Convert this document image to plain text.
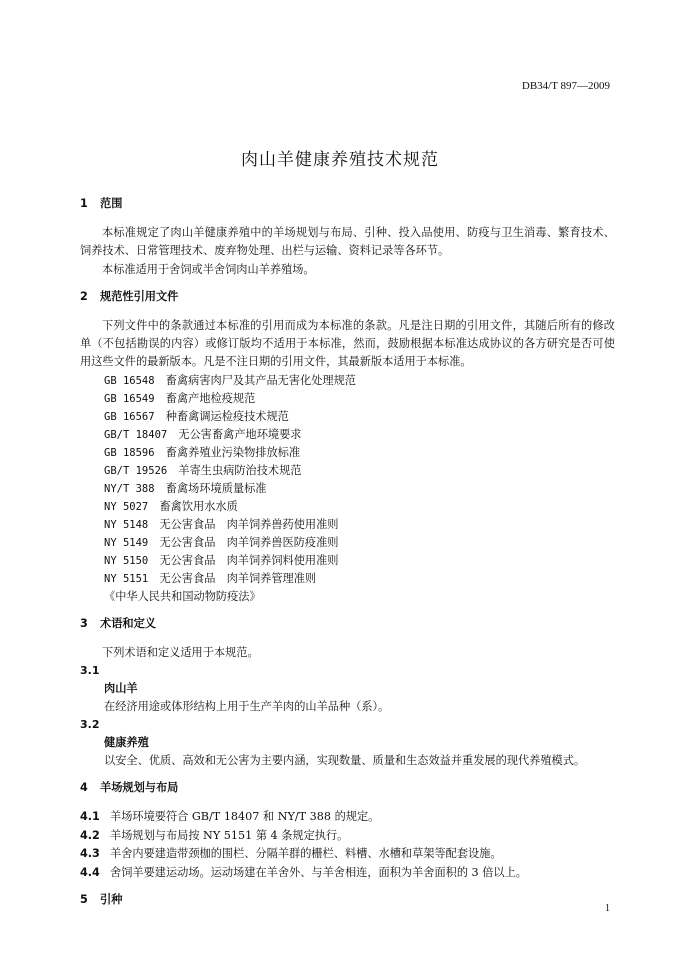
DB34/T 897—2009
肉山羊健康养殖技术规范
1 范围

本标准规定了肉山羊健康养殖中的羊场规划与布局、引种、投入品使用、防疫与卫生消毒、繁育技术、饲养技术、日常管理技术、废弃物处理、出栏与运输、资料记录等各环节。

本标准适用于舍饲或半舍饲肉山羊养殖场。

2 规范性引用文件

下列文件中的条款通过本标准的引用而成为本标准的条款。凡是注日期的引用文件，其随后所有的修改单（不包括勘误的内容）或修订版均不适用于本标准，然而，鼓励根据本标准达成协议的各方研究是否可使用这些文件的最新版本。凡是不注日期的引用文件，其最新版本适用于本标准。

GB 16548　 畜禽病害肉尸及其产品无害化处理规范
GB 16549　 畜禽产地检疫规范
GB 16567　 种畜禽调运检疫技术规范
GB/T 18407　 无公害畜禽产地环境要求
GB 18596　 畜禽养殖业污染物排放标准
GB/T 19526　 羊寄生虫病防治技术规范
NY/T 388　 畜禽场环境质量标准
NY 5027　 畜禽饮用水水质
NY 5148　 无公害食品　肉羊饲养兽药使用准则
NY 5149　 无公害食品　肉羊饲养兽医防疫准则
NY 5150　 无公害食品　肉羊饲养饲料使用准则
NY 5151　 无公害食品　肉羊饲养管理准则
《中华人民共和国动物防疫法》
3 术语和定义

下列术语和定义适用于本规范。

3.1
肉山羊
在经济用途或体形结构上用于生产羊肉的山羊品种（系）。
3.2
健康养殖
以安全、优质、高效和无公害为主要内涵，实现数量、质量和生态效益并重发展的现代养殖模式。
4 羊场规划与布局
4.1 羊场环境要符合 GB/T 18407 和 NY/T 388 的规定。
4.2 羊场规划与布局按 NY 5151 第 4 条规定执行。
4.3 羊舍内要建造带颈枷的围栏、分隔羊群的栅栏、料槽、水槽和草架等配套设施。
4.4 舍饲羊要建运动场。运动场建在羊舍外、与羊舍相连，面积为羊舍面积的 3 倍以上。
5 引种
1
